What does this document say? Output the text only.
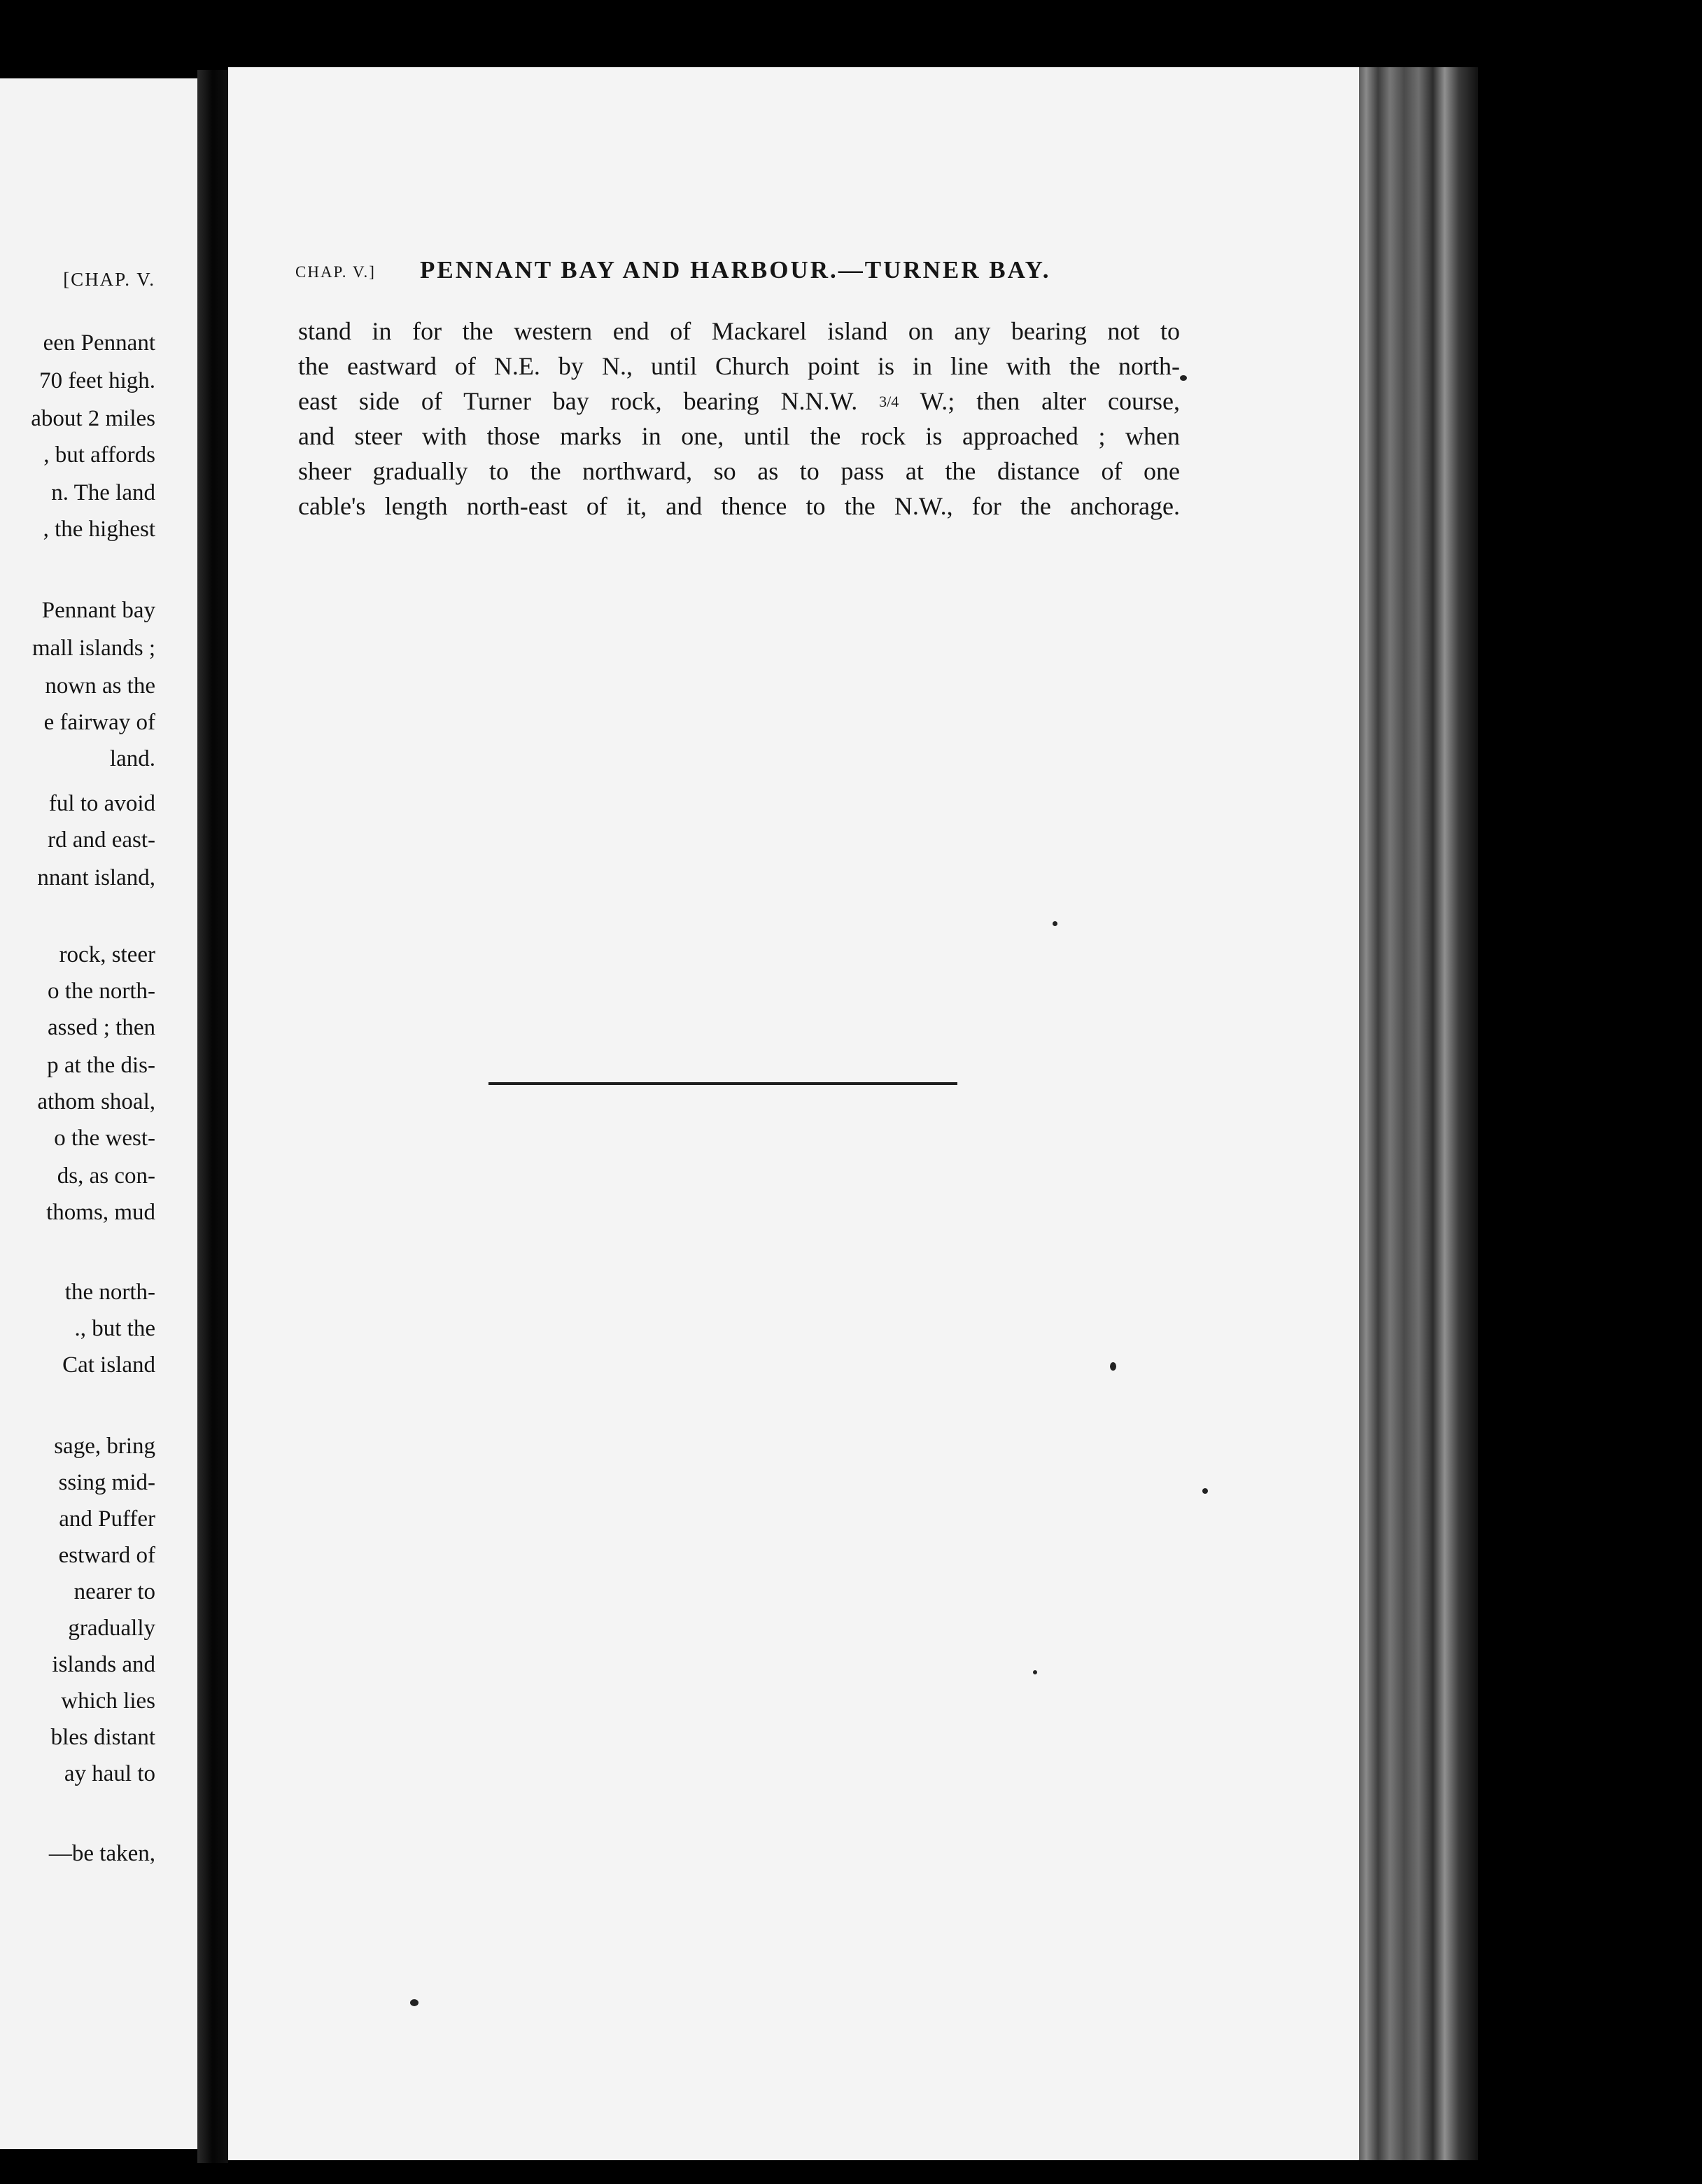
[CHAP. V.
een Pennant
70 feet high.
about 2 miles
, but affords
n. The land
, the highest
Pennant bay
mall islands ;
nown as the
e fairway of
land.
ful to avoid
rd and east-
nnant island,
rock, steer
o the north-
assed ; then
p at the dis-
athom shoal,
o the west-
ds, as con-
thoms, mud
the north-
., but the
Cat island
sage, bring
ssing mid-
and Puffer
estward of
nearer to
gradually
islands and
which lies
bles distant
ay haul to
—be taken,
CHAP. V.] PENNANT BAY AND HARBOUR.—TURNER BAY.
stand in for the western end of Mackarel island on any bearing not to
the eastward of N.E. by N., until Church point is in line with the north-
east side of Turner bay rock, bearing N.N.W. 3/4 W.; then alter course,
and steer with those marks in one, until the rock is approached ; when
sheer gradually to the northward, so as to pass at the distance of one
cable's length north-east of it, and thence to the N.W., for the anchorage.
